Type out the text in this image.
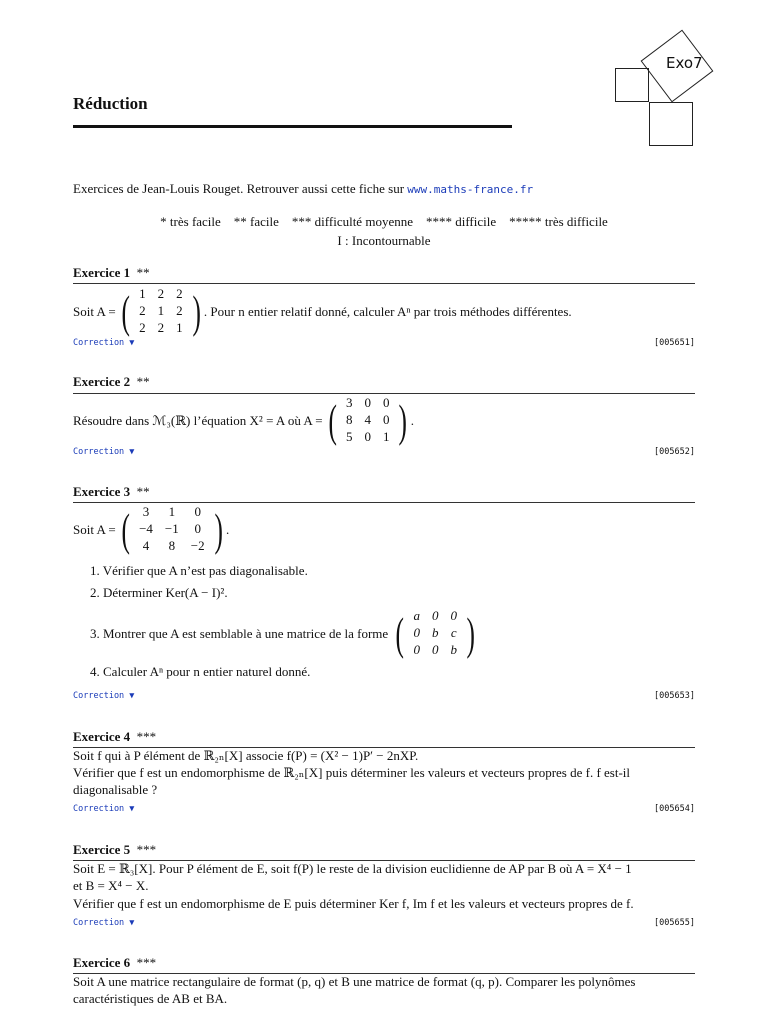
Exo7
Réduction
Exercices de Jean-Louis Rouget. Retrouver aussi cette fiche sur www.maths-france.fr
* très facile    ** facile    *** difficulté moyenne    **** difficile    ***** très difficile
I : Incontournable
Exercice 1 **
Soit A = ( 1 2 2
2 1 2
2 2 1 ) . Pour n entier relatif donné, calculer Aⁿ par trois méthodes différentes.
Correction ▼	[005651]
Exercice 2 **
Résoudre dans ℳ₃(ℝ) l’équation X² = A où A = ( 3 0 0
8 4 0
5 0 1 ) .
Correction ▼	[005652]
Exercice 3 **
Soit A = (	3	1	0
−4 −1	0
4	8	−2 ) .
1. Vérifier que A n’est pas diagonalisable.
2. Déterminer Ker(A − I)².
3. Montrer que A est semblable à une matrice de la forme ( a 0 0
0 b c
0 0 b )
4. Calculer Aⁿ pour n entier naturel donné.
Correction ▼	[005653]
Exercice 4 ***
Soit f qui à P élément de ℝ₂ₙ[X] associe f(P) = (X² − 1)P′ − 2nXP.
Vérifier que f est un endomorphisme de ℝ₂ₙ[X] puis déterminer les valeurs et vecteurs propres de f. f est-il
diagonalisable ?
Correction ▼	[005654]
Exercice 5 ***
Soit E = ℝ₃[X]. Pour P élément de E, soit f(P) le reste de la division euclidienne de AP par B où A = X⁴ − 1
et B = X⁴ − X.
Vérifier que f est un endomorphisme de E puis déterminer Ker f, Im f et les valeurs et vecteurs propres de f.
Correction ▼	[005655]
Exercice 6 ***
Soit A une matrice rectangulaire de format (p, q) et B une matrice de format (q, p). Comparer les polynômes
caractéristiques de AB et BA.
